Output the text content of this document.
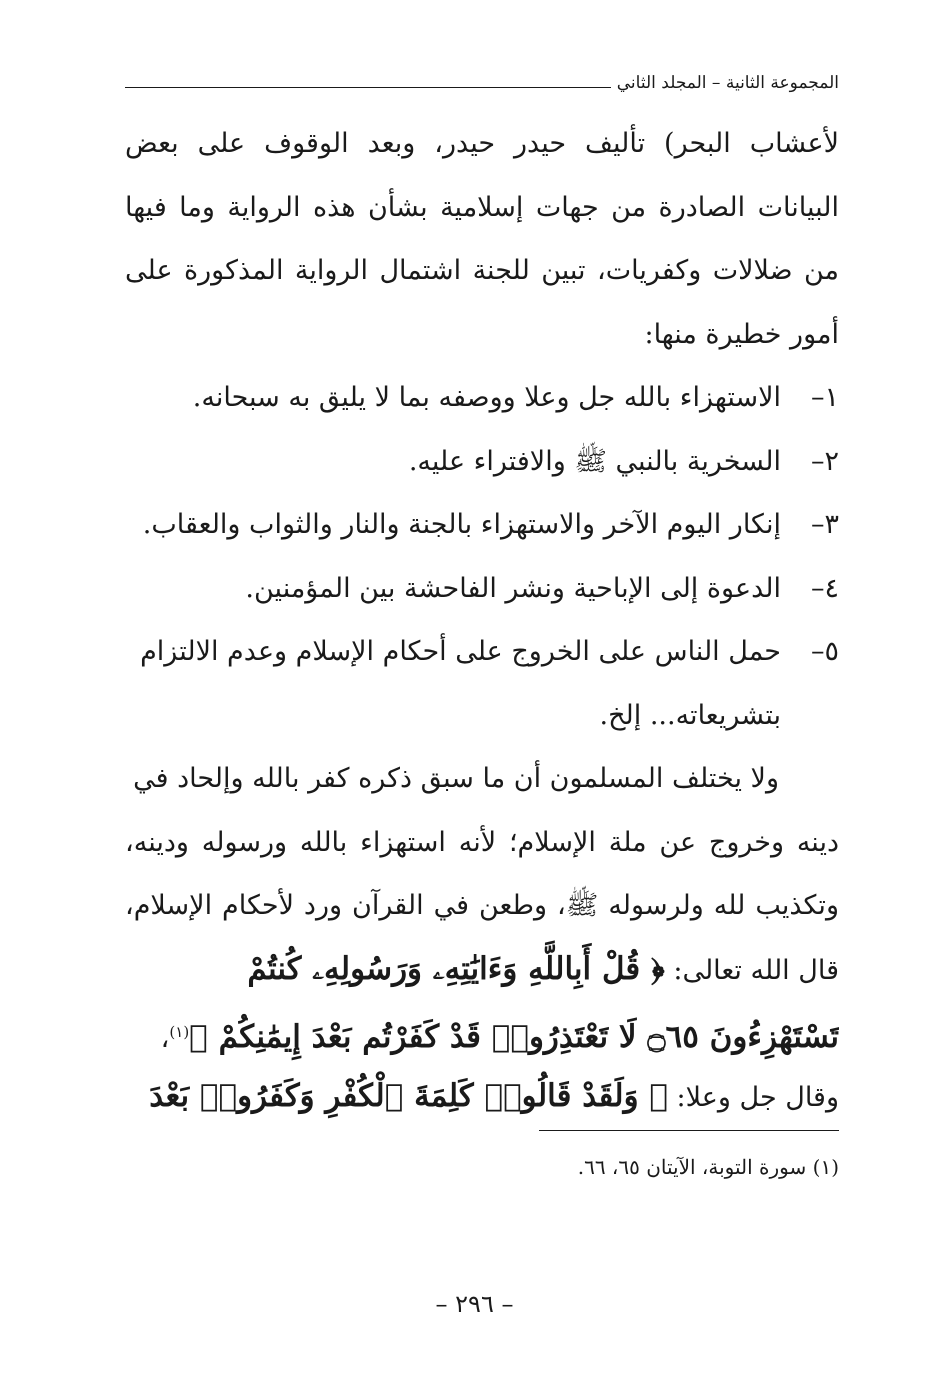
المجموعة الثانية – المجلد الثاني
لأعشاب البحر) تأليف حيدر حيدر، وبعد الوقوف على بعض
البيانات الصادرة من جهات إسلامية بشأن هذه الرواية وما فيها
من ضلالات وكفريات، تبين للجنة اشتمال الرواية المذكورة على
أمور خطيرة منها:
١–
الاستهزاء بالله جل وعلا ووصفه بما لا يليق به سبحانه.
٢–
السخرية بالنبي ﷺ والافتراء عليه.
٣–
إنكار اليوم الآخر والاستهزاء بالجنة والنار والثواب والعقاب.
٤–
الدعوة إلى الإباحية ونشر الفاحشة بين المؤمنين.
٥–
حمل الناس على الخروج على أحكام الإسلام وعدم الالتزام
بتشريعاته... إلخ.
ولا يختلف المسلمون أن ما سبق ذكره كفر بالله وإلحاد في
دينه وخروج عن ملة الإسلام؛ لأنه استهزاء بالله ورسوله ودينه،
وتكذيب لله ولرسوله ﷺ، وطعن في القرآن ورد لأحكام الإسلام،
قال الله تعالى: ﴿ قُلْ أَبِاللَّهِ وَءَايَٰتِهِۦ وَرَسُولِهِۦ كُنتُمْ
تَسْتَهْزِءُونَ ۝٦٥ لَا تَعْتَذِرُوا۟ قَدْ كَفَرْتُم بَعْدَ إِيمَٰنِكُمْ ﴾$^{(١)}$،
وقال جل وعلا: ﴿ وَلَقَدْ قَالُوا۟ كَلِمَةَ ٱلْكُفْرِ وَكَفَرُوا۟ بَعْدَ
(١) سورة التوبة، الآيتان ٦٥، ٦٦.
– ٢٩٦ –
